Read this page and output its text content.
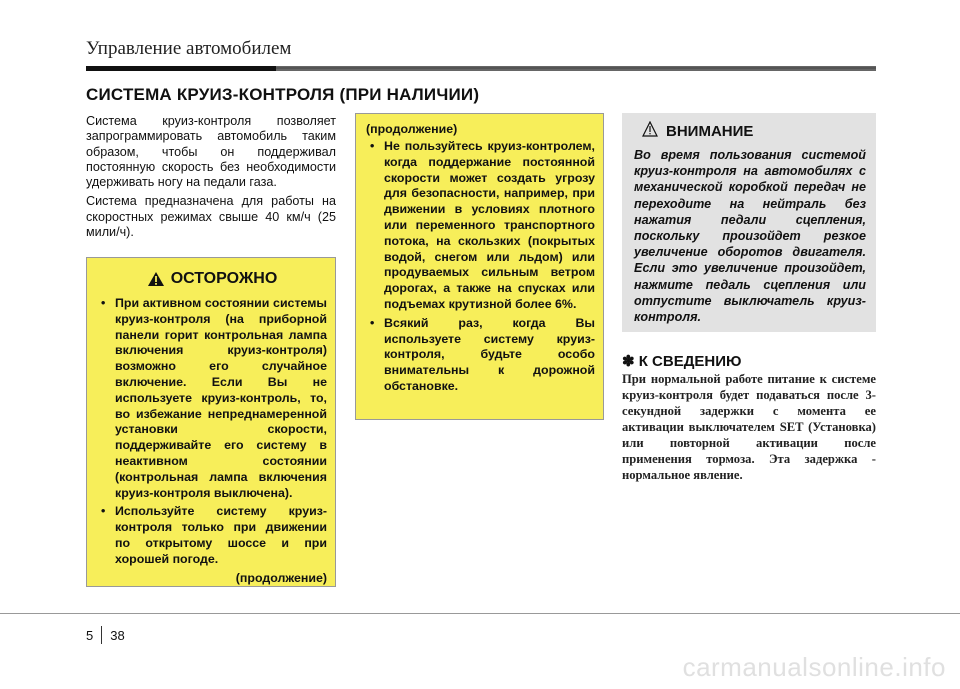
Управление автомобилем
СИСТЕМА КРУИЗ-КОНТРОЛЯ (ПРИ НАЛИЧИИ)

Система круиз-контроля позволяет запрограммировать автомобиль таким образом, чтобы он поддерживал постоянную скорость без необходимости удерживать ногу на педали газа.

Система предназначена для работы на скоростных режимах свыше 40 км/ч (25 мили/ч).

ОСТОРОЖНО
• При активном состоянии системы круиз-контроля (на приборной панели горит контрольная лампа включения круиз-контроля) возможно его случайное включение. Если Вы не используете круиз-контроль, то, во избежание непреднамеренной установки скорости, поддерживайте его систему в неактивном состоянии (контрольная лампа включения круиз-контроля выключена).
• Используйте систему круиз-контроля только при движении по открытому шоссе и при хорошей погоде.
(продолжение)
(продолжение)
• Не пользуйтесь круиз-контролем, когда поддержание постоянной скорости может создать угрозу для безопасности, например, при движении в условиях плотного или переменного транспортного потока, на скользких (покрытых водой, снегом или льдом) или продуваемых сильным ветром дорогах, а также на спусках или подъемах крутизной более 6%.
• Всякий раз, когда Вы используете систему круиз-контроля, будьте особо внимательны к дорожной обстановке.
ВНИМАНИЕ
Во время пользования системой круиз-контроля на автомобилях с механической коробкой передач не переходите на нейтраль без нажатия педали сцепления, поскольку произойдет резкое увеличение оборотов двигателя. Если это увеличение произойдет, нажмите педаль сцепления или отпустите выключатель круиз-контроля.
✽ К СВЕДЕНИЮ
При нормальной работе питание к системе круиз-контроля будет подаваться после 3-секундной задержки с момента ее активации выключателем SET (Установка) или повторной активации после применения тормоза. Эта задержка - нормальное явление.
5 38
carmanualsonline.info
